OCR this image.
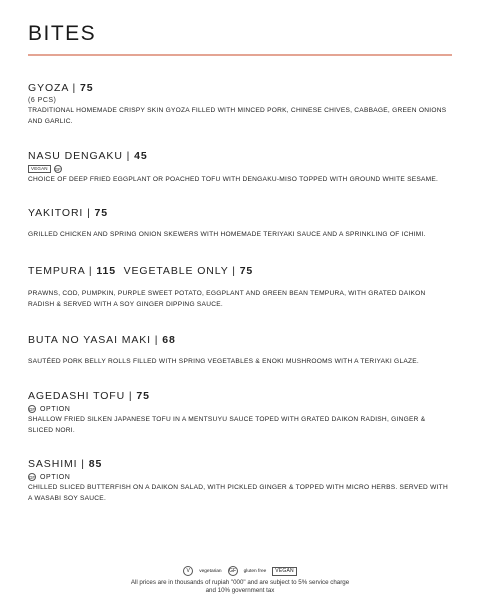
BITES
GYOZA | 75
(6 PCS)
TRADITIONAL HOMEMADE CRISPY SKIN GYOZA FILLED WITH MINCED PORK, CHINESE CHIVES, CABBAGE, GREEN ONIONS AND GARLIC.
NASU DENGAKU | 45
VEGAN	GF
CHOICE OF DEEP FRIED EGGPLANT OR POACHED TOFU WITH DENGAKU-MISO TOPPED WITH GROUND WHITE SESAME.
YAKITORI | 75
GRILLED CHICKEN AND SPRING ONION SKEWERS WITH HOMEMADE TERIYAKI SAUCE AND A SPRINKLING OF ICHIMI.
TEMPURA | 115 VEGETABLE ONLY | 75
PRAWNS, COD, PUMPKIN, PURPLE SWEET POTATO, EGGPLANT AND GREEN BEAN TEMPURA, WITH GRATED DAIKON RADISH & SERVED WITH A SOY GINGER DIPPING SAUCE.
BUTA NO YASAI MAKI | 68
SAUTÉED PORK BELLY ROLLS FILLED WITH SPRING VEGETABLES & ENOKI MUSHROOMS WITH A TERIYAKI GLAZE.
AGEDASHI TOFU | 75
GF OPTION
SHALLOW FRIED SILKEN JAPANESE TOFU IN A MENTSUYU SAUCE TOPED WITH GRATED DAIKON RADISH, GINGER & SLICED NORI.
SASHIMI | 85
GF OPTION
CHILLED SLICED BUTTERFISH ON A DAIKON SALAD, WITH PICKLED GINGER & TOPPED WITH MICRO HERBS. SERVED WITH A WASABI SOY SAUCE.
V	vegetarian	GF	gluten free	VEGAN
All prices are in thousands of rupiah "000" and are subject to 5% service charge
and 10% government tax
